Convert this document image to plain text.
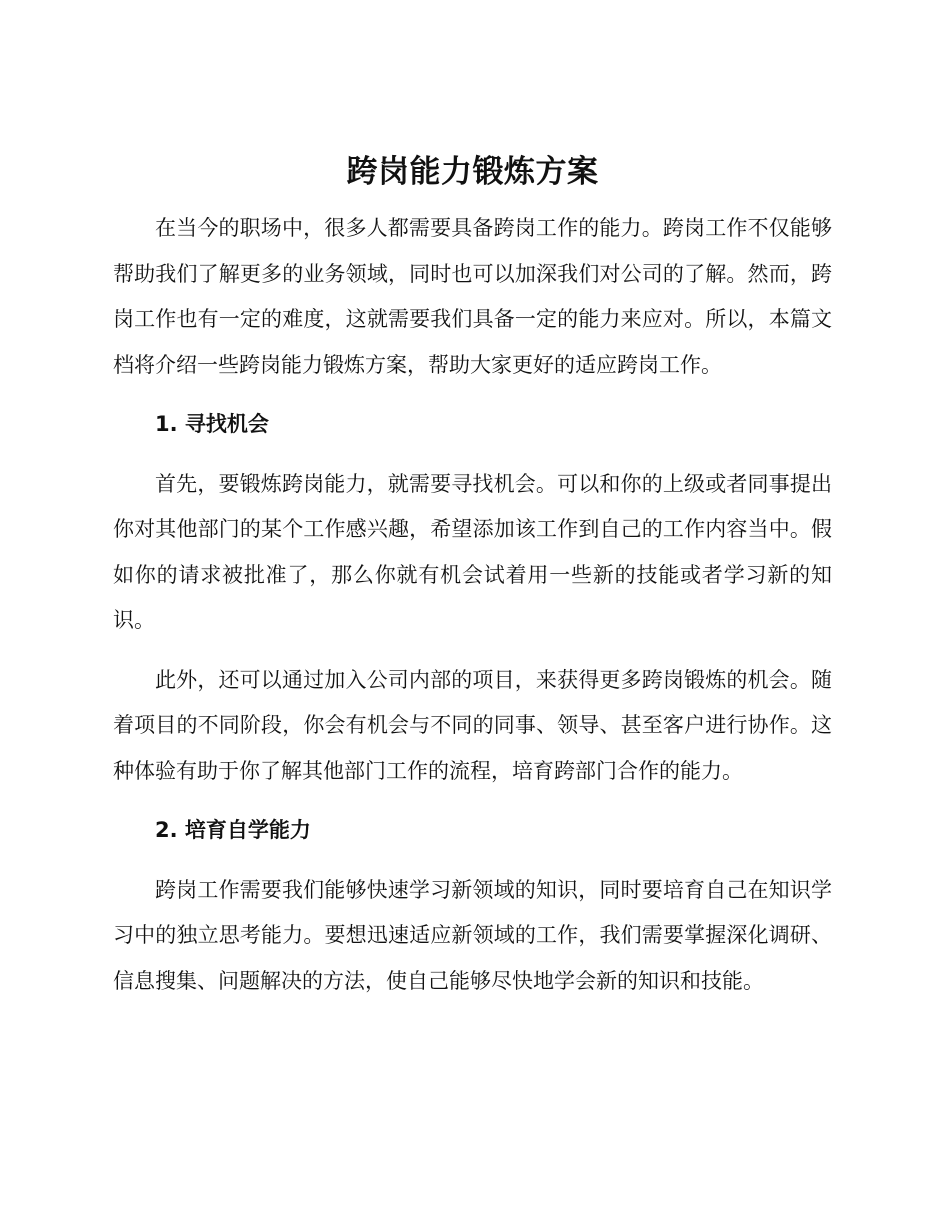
跨岗能力锻炼方案

在当今的职场中，很多人都需要具备跨岗工作的能力。跨岗工作不仅能够帮助我们了解更多的业务领域，同时也可以加深我们对公司的了解。然而，跨岗工作也有一定的难度，这就需要我们具备一定的能力来应对。所以，本篇文档将介绍一些跨岗能力锻炼方案，帮助大家更好的适应跨岗工作。

1. 寻找机会

首先，要锻炼跨岗能力，就需要寻找机会。可以和你的上级或者同事提出你对其他部门的某个工作感兴趣，希望添加该工作到自己的工作内容当中。假如你的请求被批准了，那么你就有机会试着用一些新的技能或者学习新的知识。

此外，还可以通过加入公司内部的项目，来获得更多跨岗锻炼的机会。随着项目的不同阶段，你会有机会与不同的同事、领导、甚至客户进行协作。这种体验有助于你了解其他部门工作的流程，培育跨部门合作的能力。

2. 培育自学能力

跨岗工作需要我们能够快速学习新领域的知识，同时要培育自己在知识学习中的独立思考能力。要想迅速适应新领域的工作，我们需要掌握深化调研、信息搜集、问题解决的方法，使自己能够尽快地学会新的知识和技能。
